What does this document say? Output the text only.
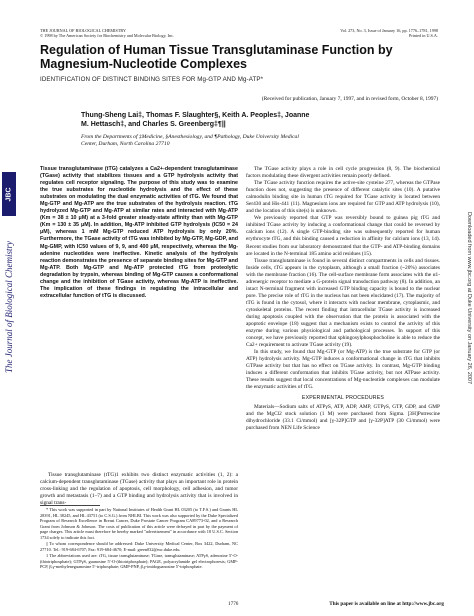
JBC
The Journal of Biological Chemistry	Downloaded from www.jbc.org at Duke University on January 26, 2007
THE JOURNAL OF BIOLOGICAL CHEMISTRY
© 1998 by The American Society for Biochemistry and Molecular Biology, Inc.
Vol. 273, No. 3, Issue of January 16, pp. 1776–1781, 1998
Printed in U.S.A.
Regulation of Human Tissue Transglutaminase Function by Magnesium-Nucleotide Complexes
IDENTIFICATION OF DISTINCT BINDING SITES FOR Mg-GTP AND Mg-ATP*
(Received for publication, January 7, 1997, and in revised form, October 8, 1997)
Thung-Sheng Lai‡, Thomas F. Slaughter§, Keith A. Peoples‡, Joanne M. Hettasch‡, and Charles S. Greenberg‡¶||
From the Departments of ‡Medicine, §Anesthesiology, and ¶Pathology, Duke University Medical Center, Durham, North Carolina 27710
Tissue transglutaminase (tTG) catalyzes a Ca2+-dependent transglutaminase (TGase) activity that stabilizes tissues and a GTP hydrolysis activity that regulates cell receptor signaling. The purpose of this study was to examine the true substrates for nucleotide hydrolysis and the effect of these substrates on modulating the dual enzymatic activities of tTG. We found that Mg-GTP and Mg-ATP are the true substrates of the hydrolysis reaction. tTG hydrolyzed Mg-GTP and Mg-ATP at similar rates and interacted with Mg-ATP (Km = 38 ± 10 μM) at a 3-fold greater steady-state affinity than with Mg-GTP (Km = 130 ± 35 μM). In addition, Mg-ATP inhibited GTP hydrolysis (IC50 = 24 μM), whereas 1 mM Mg-GTP reduced ATP hydrolysis by only 20%. Furthermore, the TGase activity of tTG was inhibited by Mg-GTP, Mg-GDP, and Mg-GMP, with IC50 values of 9, 9, and 400 μM, respectively, whereas the Mg-adenine nucleotides were ineffective. Kinetic analysis of the hydrolysis reaction demonstrates the presence of separate binding sites for Mg-GTP and Mg-ATP. Both Mg-GTP and Mg-ATP protected tTG from proteolytic degradation by trypsin, whereas binding of Mg-GTP causes a conformational change and the inhibition of TGase activity, whereas Mg-ATP is ineffective. The implication of these findings in regulating the intracellular and extracellular function of tTG is discussed.

Tissue transglutaminase (tTG)1 exhibits two distinct enzymatic activities (1, 2): a calcium-dependent transglutaminase (TGase) activity that plays an important role in protein cross-linking and the regulation of apoptosis, cell morphology, cell adhesion, and tumor growth and metastasis (1–7) and a GTP binding and hydrolysis activity that is involved in signal trans-

* This work was supported in part by National Institutes of Health Grant HL 03205 (to T.F.S.) and Grants HL 28391, HL 38245, and HL 43751 (to C.S.G.) from NHLBI. This work was also supported by the Duke Specialized Program of Research Excellence in Breast Cancer, Duke Prostate Cancer Program CA89773-02, and a Research Grant from Johnson & Johnson. The costs of publication of this article were defrayed in part by the payment of page charges. This article must therefore be hereby marked "advertisement" in accordance with 18 U.S.C. Section 1734 solely to indicate this fact.

|| To whom correspondence should be addressed: Duke University Medical Center, Box 3422, Durham, NC 27710. Tel.: 919-684-6707; Fax: 919-684-4670; E-mail: green032@mc.duke.edu.

1 The abbreviations used are: tTG, tissue transglutaminase; TGase, transglutaminase; ATPγS, adenosine 5′-O-(thiotriphosphate); GTPγS, guanosine 5′-O-(thiotriphosphate); PAGE, polyacrylamide gel electrophoresis; GMP-PCP, β,γ-methyleneguanosine 5′-triphosphate; GMP-PNP, β,γ-imidoguanosine 5′-triphosphate.

The TGase activity plays a role in cell cycle progression (8, 9). The biochemical factors modulating these divergent activities remain poorly defined.

The TGase activity function requires the active-site cysteine 277, whereas the GTPase function does not, suggesting the presence of different catalytic sites (10). A putative calmodulin binding site in human tTG required for TGase activity is located between Ser430 and His-441 (11). Magnesium ions are required for GTP and ATP hydrolysis (10), and the location of this site(s) is unknown.

We previously reported that GTP was reversibly bound to guinea pig tTG and inhibited TGase activity by inducing a conformational change that could be reversed by calcium ions (12). A single GTP-binding site was subsequently reported for human erythrocyte tTG, and this binding caused a reduction in affinity for calcium ions (13, 14). Recent studies from our laboratory demonstrated that the GTP- and ATP-binding domains are located in the N-terminal 185 amino acid residues (15).

Tissue transglutaminase is found in several distinct compartments in cells and tissues. Inside cells, tTG appears in the cytoplasm, although a small fraction (~20%) associates with the membrane fraction (16). The cell-surface membrane form associates with the α1-adrenergic receptor to mediate a G-protein signal transduction pathway (8). In addition, an intact N-terminal fragment with increased GTP binding capacity is bound to the nuclear pore. The precise role of tTG in the nucleus has not been elucidated (17). The majority of tTG is found in the cytosol, where it interacts with nuclear membrane, cytoplasmic, and cytoskeletal proteins. The recent finding that intracellular TGase activity is increased during apoptosis coupled with the observation that the protein is associated with the apoptotic envelope (18) suggest that a mechanism exists to control the activity of this enzyme during various physiological and pathological processes. In support of this concept, we have previously reported that sphingosylphosphocholine is able to reduce the Ca2+ requirement to activate TGase activity (19).

In this study, we found that Mg-GTP (or Mg-ATP) is the true substrate for GTP (or ATP) hydrolysis activity. Mg-GTP induces a conformational change in tTG that inhibits GTPase activity but that has no effect on TGase activity. In contrast, Mg-GTP binding induces a different conformation that inhibits TGase activity, but not ATPase activity. These results suggest that local concentrations of Mg-nucleotide complexes can modulate the enzymatic activities of tTG.

EXPERIMENTAL PROCEDURES

Materials—Sodium salts of ATPγS, ATP, ADP, AMP, GTPγS, GTP, GDP, and GMP and the MgCl2 stock solution (1 M) were purchased from Sigma. [3H]Putrescine dihydrochloride (33.1 Ci/mmol) and [γ-32P]GTP and [γ-32P]ATP (30 Ci/mmol) were purchased from NEN Life Science

1776	This paper is available on line at http://www.jbc.org
